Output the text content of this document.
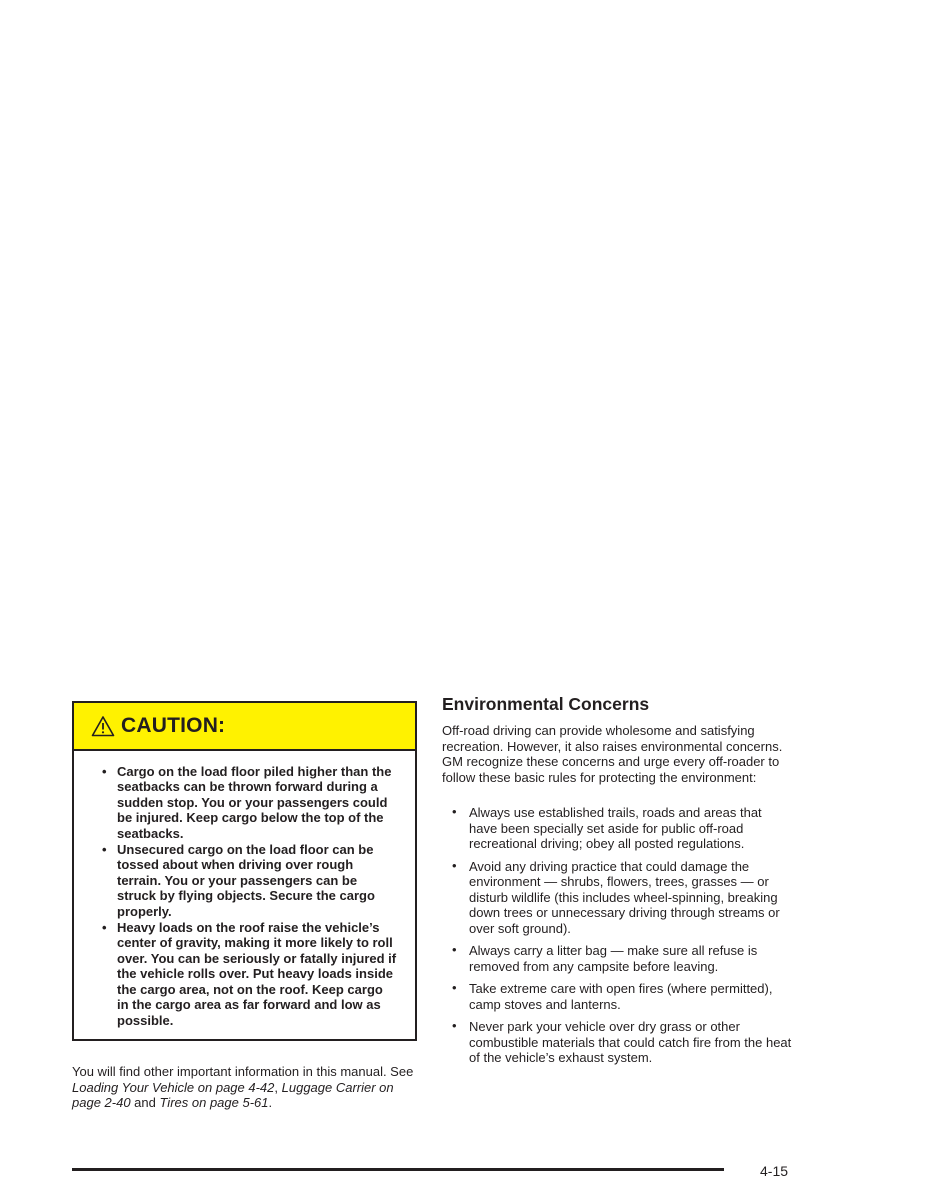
CAUTION:
• Cargo on the load floor piled higher than the seatbacks can be thrown forward during a sudden stop. You or your passengers could be injured. Keep cargo below the top of the seatbacks.
• Unsecured cargo on the load floor can be tossed about when driving over rough terrain. You or your passengers can be struck by flying objects. Secure the cargo properly.
• Heavy loads on the roof raise the vehicle’s center of gravity, making it more likely to roll over. You can be seriously or fatally injured if the vehicle rolls over. Put heavy loads inside the cargo area, not on the roof. Keep cargo in the cargo area as far forward and low as possible.

You will find other important information in this manual. See Loading Your Vehicle on page 4-42, Luggage Carrier on page 2-40 and Tires on page 5-61.

Environmental Concerns

Off-road driving can provide wholesome and satisfying recreation. However, it also raises environmental concerns. GM recognize these concerns and urge every off-roader to follow these basic rules for protecting the environment:

• Always use established trails, roads and areas that have been specially set aside for public off-road recreational driving; obey all posted regulations.
• Avoid any driving practice that could damage the environment — shrubs, flowers, trees, grasses — or disturb wildlife (this includes wheel-spinning, breaking down trees or unnecessary driving through streams or over soft ground).
• Always carry a litter bag — make sure all refuse is removed from any campsite before leaving.
• Take extreme care with open fires (where permitted), camp stoves and lanterns.
• Never park your vehicle over dry grass or other combustible materials that could catch fire from the heat of the vehicle’s exhaust system.
4-15
